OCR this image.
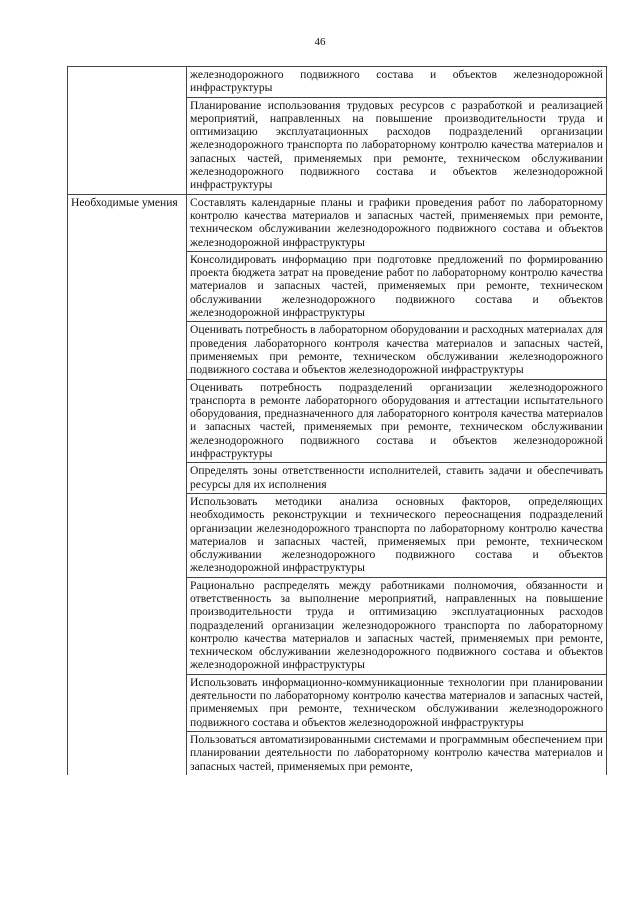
46
	железнодорожного подвижного состава и объектов железнодорожной инфраструктуры
	Планирование использования трудовых ресурсов с разработкой и реализацией мероприятий, направленных на повышение производительности труда и оптимизацию эксплуатационных расходов подразделений организации железнодорожного транспорта по лабораторному контролю качества материалов и запасных частей, применяемых при ремонте, техническом обслуживании железнодорожного подвижного состава и объектов железнодорожной инфраструктуры
Необходимые умения	Составлять календарные планы и графики проведения работ по лабораторному контролю качества материалов и запасных частей, применяемых при ремонте, техническом обслуживании железнодорожного подвижного состава и объектов железнодорожной инфраструктуры
	Консолидировать информацию при подготовке предложений по формированию проекта бюджета затрат на проведение работ по лабораторному контролю качества материалов и запасных частей, применяемых при ремонте, техническом обслуживании железнодорожного подвижного состава и объектов железнодорожной инфраструктуры
	Оценивать потребность в лабораторном оборудовании и расходных материалах для проведения лабораторного контроля качества материалов и запасных частей, применяемых при ремонте, техническом обслуживании железнодорожного подвижного состава и объектов железнодорожной инфраструктуры
	Оценивать потребность подразделений организации железнодорожного транспорта в ремонте лабораторного оборудования и аттестации испытательного оборудования, предназначенного для лабораторного контроля качества материалов и запасных частей, применяемых при ремонте, техническом обслуживании железнодорожного подвижного состава и объектов железнодорожной инфраструктуры
	Определять зоны ответственности исполнителей, ставить задачи и обеспечивать ресурсы для их исполнения
	Использовать методики анализа основных факторов, определяющих необходимость реконструкции и технического переоснащения подразделений организации железнодорожного транспорта по лабораторному контролю качества материалов и запасных частей, применяемых при ремонте, техническом обслуживании железнодорожного подвижного состава и объектов железнодорожной инфраструктуры
	Рационально распределять между работниками полномочия, обязанности и ответственность за выполнение мероприятий, направленных на повышение производительности труда и оптимизацию эксплуатационных расходов подразделений организации железнодорожного транспорта по лабораторному контролю качества материалов и запасных частей, применяемых при ремонте, техническом обслуживании железнодорожного подвижного состава и объектов железнодорожной инфраструктуры
	Использовать информационно-коммуникационные технологии при планировании деятельности по лабораторному контролю качества материалов и запасных частей, применяемых при ремонте, техническом обслуживании железнодорожного подвижного состава и объектов железнодорожной инфраструктуры
	Пользоваться автоматизированными системами и программным обеспечением при планировании деятельности по лабораторному контролю качества материалов и запасных частей, применяемых при ремонте,
